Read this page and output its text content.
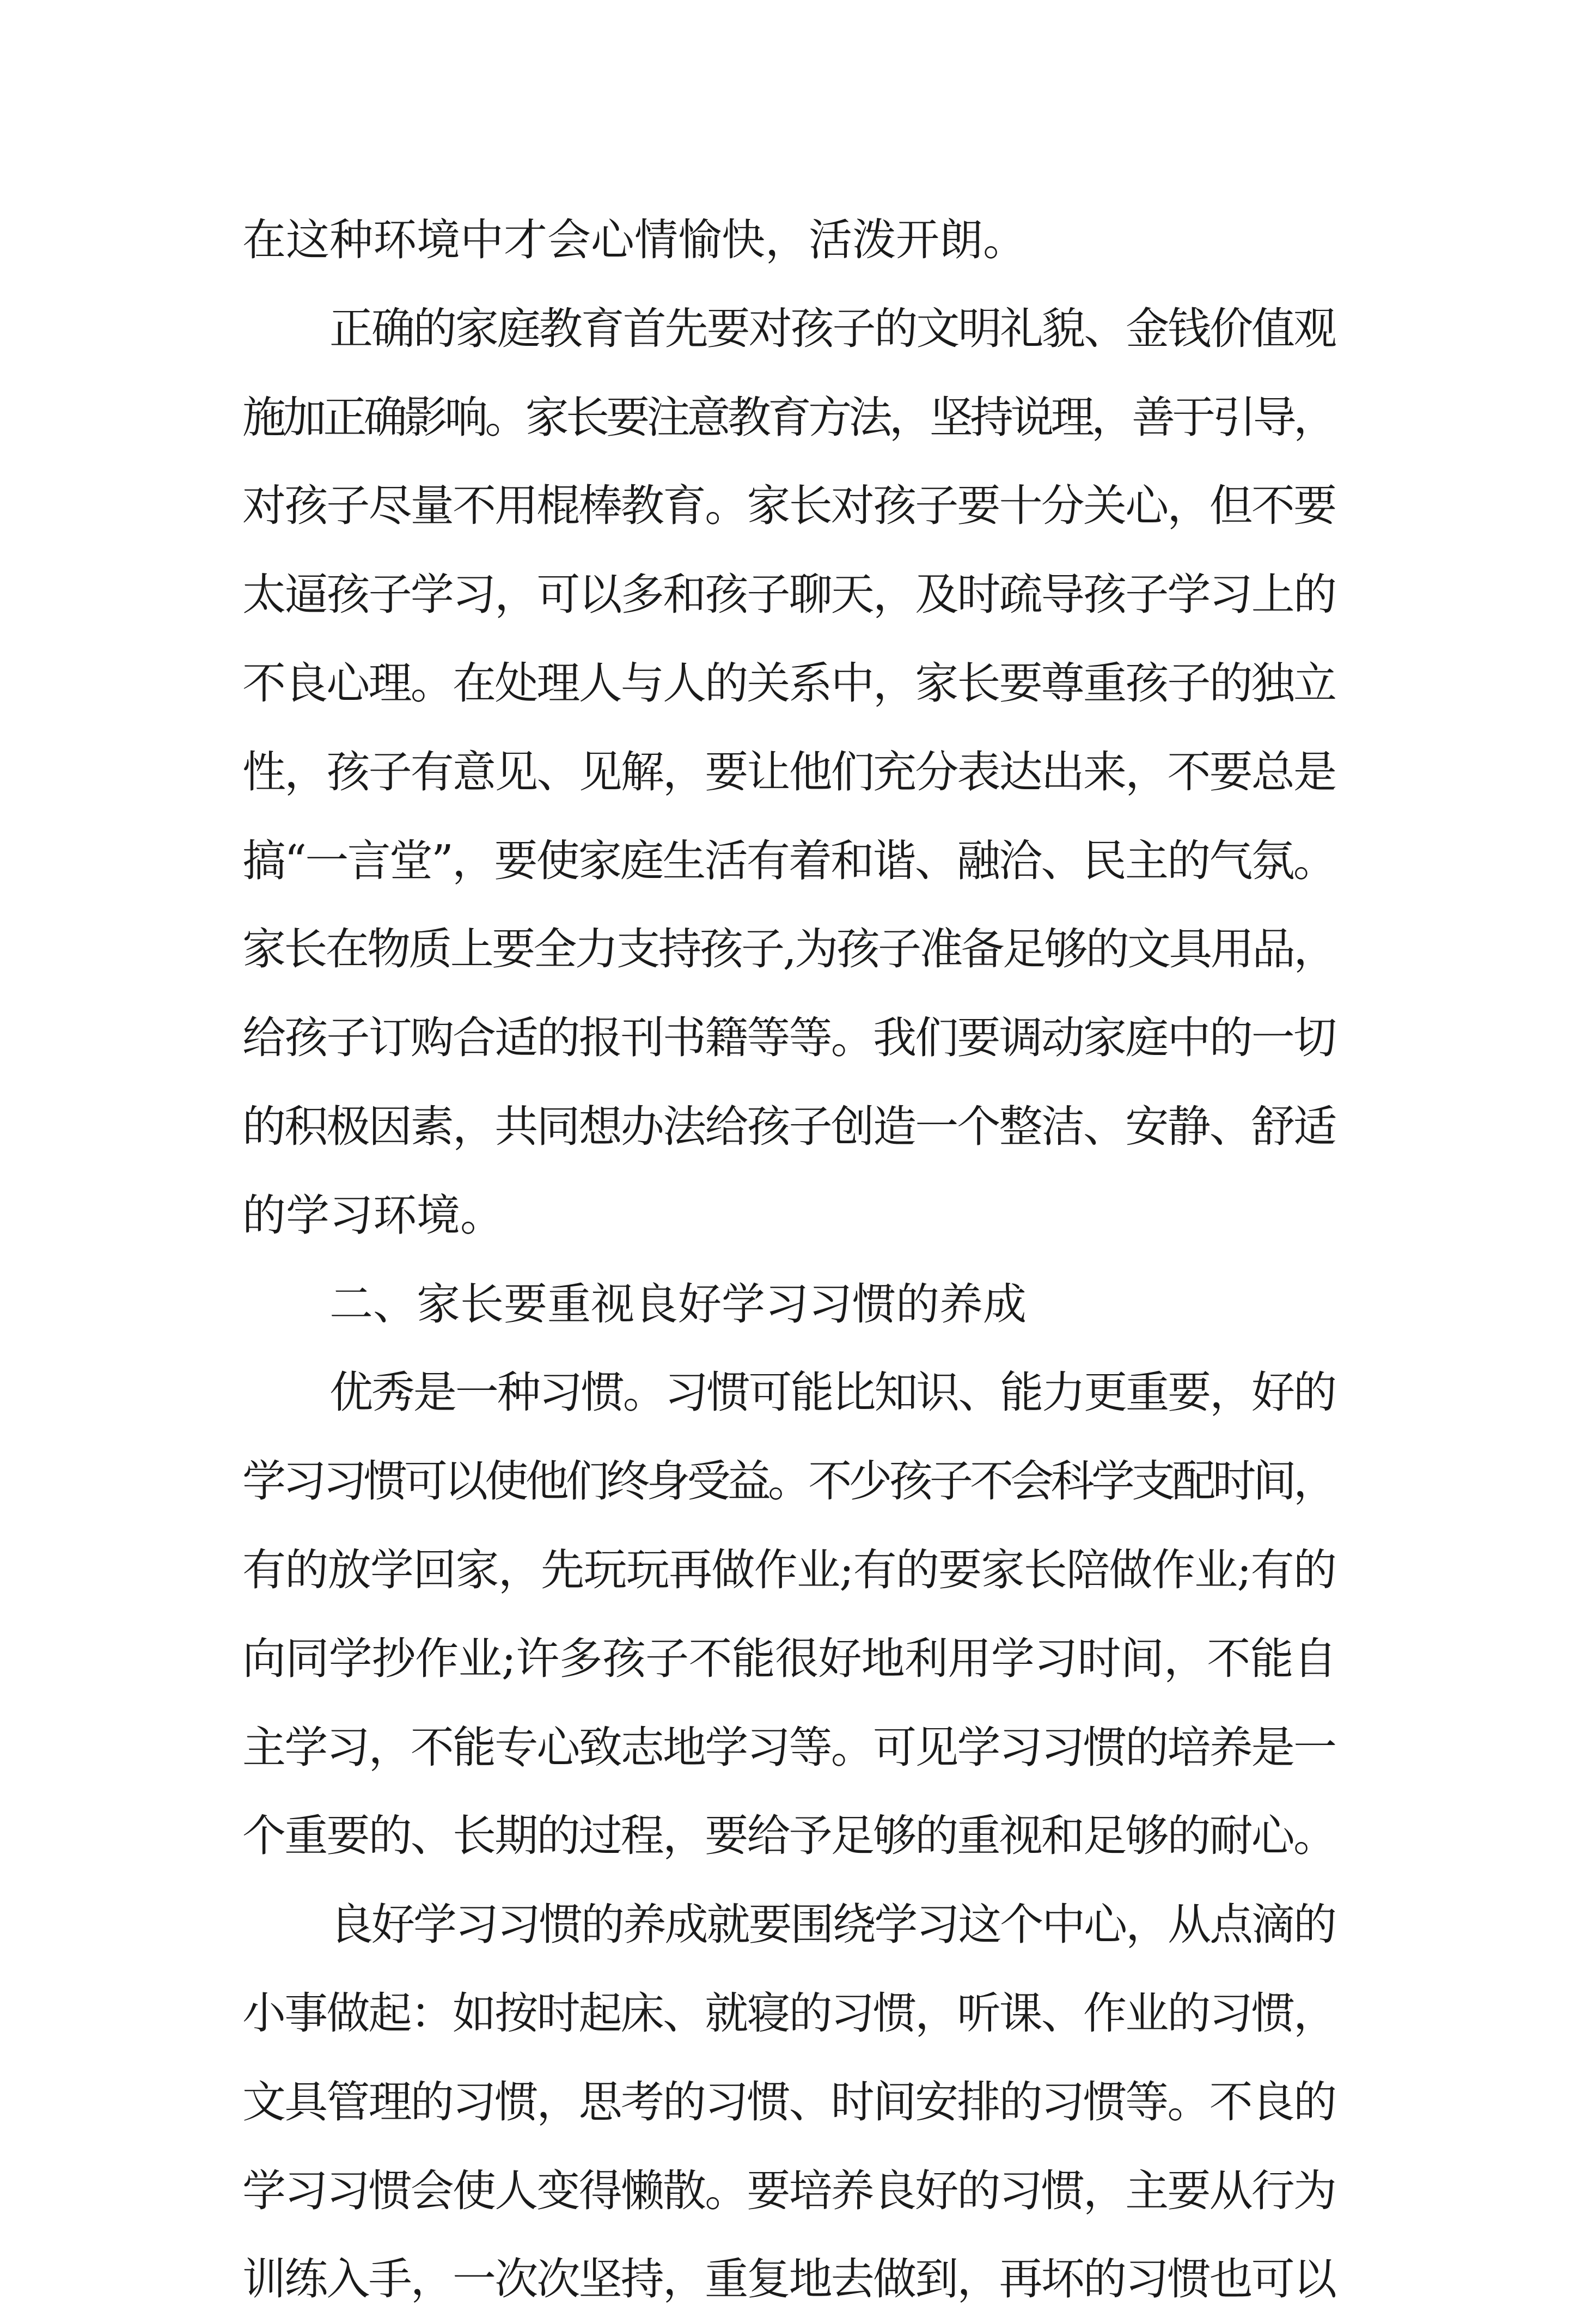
在这种环境中才会心情愉快，活泼开朗。
正确的家庭教育首先要对孩子的文明礼貌、金钱价值观
施加正确影响。家长要注意教育方法，坚持说理，善于引导，
对孩子尽量不用棍棒教育。家长对孩子要十分关心，但不要
太逼孩子学习，可以多和孩子聊天，及时疏导孩子学习上的
不良心理。在处理人与人的关系中，家长要尊重孩子的独立
性，孩子有意见、见解，要让他们充分表达出来，不要总是
搞“一言堂”，要使家庭生活有着和谐、融洽、民主的气氛。
家长在物质上要全力支持孩子,为孩子准备足够的文具用品，
给孩子订购合适的报刊书籍等等。我们要调动家庭中的一切
的积极因素，共同想办法给孩子创造一个整洁、安静、舒适
的学习环境。
二、家长要重视良好学习习惯的养成
优秀是一种习惯。习惯可能比知识、能力更重要，好的
学习习惯可以使他们终身受益。不少孩子不会科学支配时间，
有的放学回家，先玩玩再做作业;有的要家长陪做作业;有的
向同学抄作业;许多孩子不能很好地利用学习时间，不能自
主学习，不能专心致志地学习等。可见学习习惯的培养是一
个重要的、长期的过程，要给予足够的重视和足够的耐心。
良好学习习惯的养成就要围绕学习这个中心，从点滴的
小事做起：如按时起床、就寝的习惯，听课、作业的习惯，
文具管理的习惯，思考的习惯、时间安排的习惯等。不良的
学习习惯会使人变得懒散。要培养良好的习惯，主要从行为
训练入手，一次次坚持，重复地去做到，再坏的习惯也可以
